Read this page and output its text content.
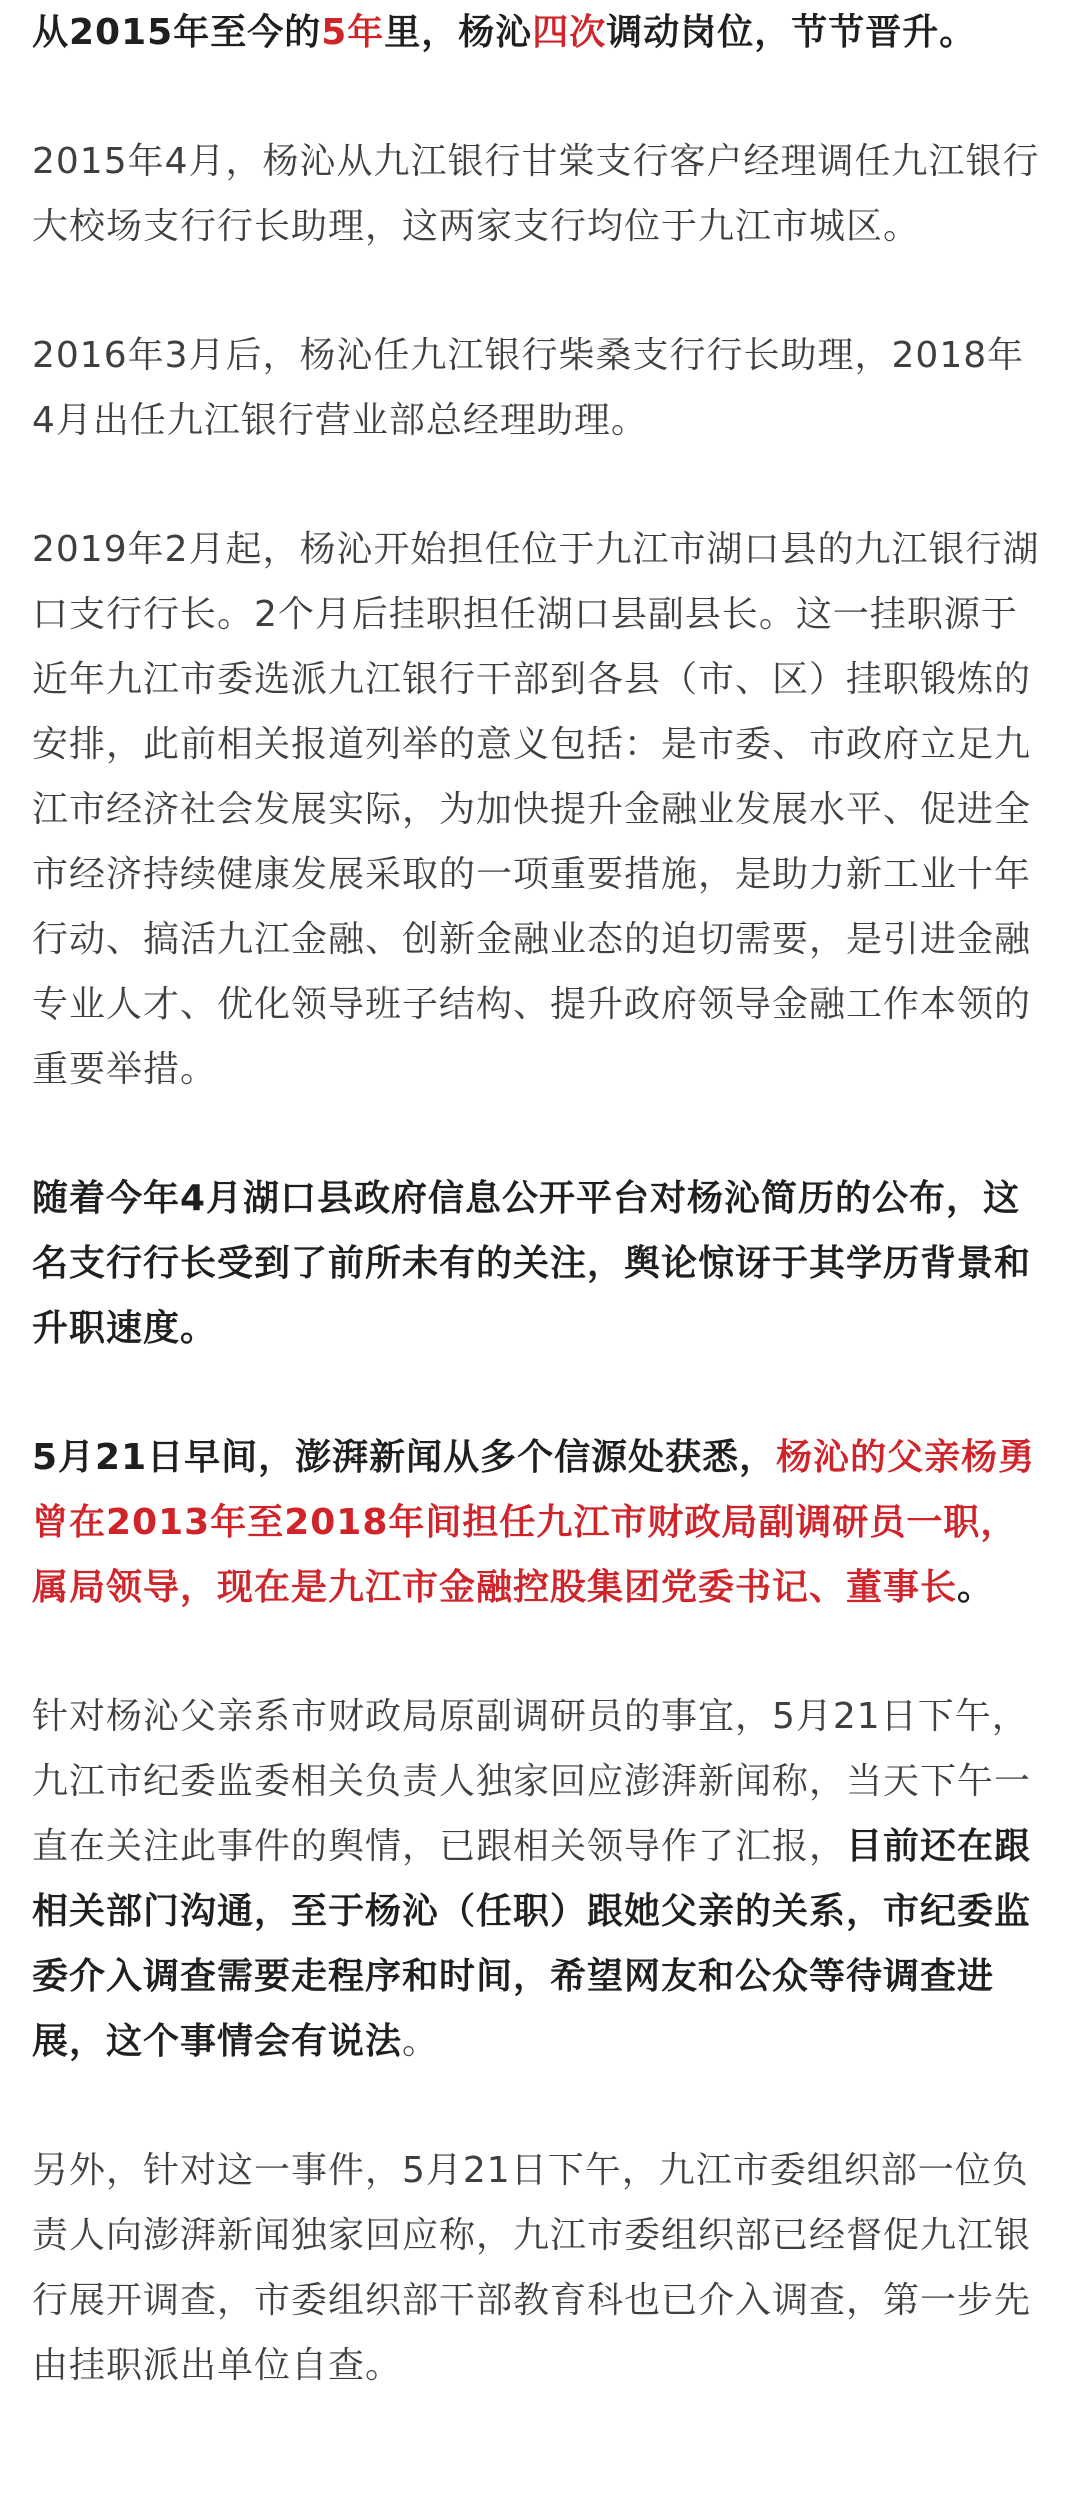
从2015年至今的5年里，杨沁四次调动岗位，节节晋升。

2015年4月，杨沁从九江银行甘棠支行客户经理调任九江银行大校场支行行长助理，这两家支行均位于九江市城区。

2016年3月后，杨沁任九江银行柴桑支行行长助理，2018年4月出任九江银行营业部总经理助理。

2019年2月起，杨沁开始担任位于九江市湖口县的九江银行湖口支行行长。2个月后挂职担任湖口县副县长。这一挂职源于近年九江市委选派九江银行干部到各县（市、区）挂职锻炼的安排，此前相关报道列举的意义包括：是市委、市政府立足九江市经济社会发展实际，为加快提升金融业发展水平、促进全市经济持续健康发展采取的一项重要措施，是助力新工业十年行动、搞活九江金融、创新金融业态的迫切需要，是引进金融专业人才、优化领导班子结构、提升政府领导金融工作本领的重要举措。

随着今年4月湖口县政府信息公开平台对杨沁简历的公布，这名支行行长受到了前所未有的关注，舆论惊讶于其学历背景和升职速度。

5月21日早间，澎湃新闻从多个信源处获悉，杨沁的父亲杨勇曾在2013年至2018年间担任九江市财政局副调研员一职，属局领导，现在是九江市金融控股集团党委书记、董事长。

针对杨沁父亲系市财政局原副调研员的事宜，5月21日下午，九江市纪委监委相关负责人独家回应澎湃新闻称，当天下午一直在关注此事件的舆情，已跟相关领导作了汇报，目前还在跟相关部门沟通，至于杨沁（任职）跟她父亲的关系，市纪委监委介入调查需要走程序和时间，希望网友和公众等待调查进展，这个事情会有说法。

另外，针对这一事件，5月21日下午，九江市委组织部一位负责人向澎湃新闻独家回应称，九江市委组织部已经督促九江银行展开调查，市委组织部干部教育科也已介入调查，第一步先由挂职派出单位自查。
